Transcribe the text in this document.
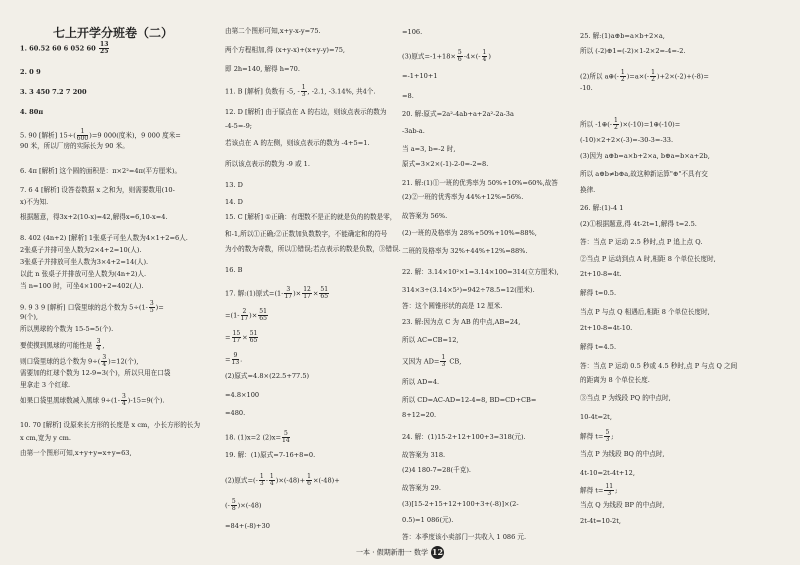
七上开学分班卷（二）
1. 60.52 60 6 052 $60 \frac{13}{25}$
2. 0 9
3. 3 450 7.2 7 200
4. 80π
5. 90 [解析] $15\div( \frac{1}{600} )=9$ 000(度米)，9 000 度米=
90 米，所以厂房的实际长为 90 米。
6. 4π [解析] 这个圆的面积是：π×2²=4π(平方厘米)。
7. 6 4 [解析] 设答卷数据 x 之和为，则需要数用(10-
x)不为知.
根据题意，得3x+2(10-x)=42,解得x=6,10-x=4.
8. 402 (4n+2) [解析] 1张桌子可坐人数为4×1+2=6人.
2张桌子并排可坐人数为2×4+2=10(人).
3张桌子并排放可坐人数为3×4+2=14(人).
以此 n 张桌子并排放可坐人数为(4n+2)人.
当 n=100 时，可坐4×100+2=402(人).
9. 9 3 9 [解析] 口袋里球的总个数为 $5\div(1- \frac{3}{5}$ )=
9(个),
所以黑球的个数为 15-5=5(个).
要使摸到黑球的可能性是 $\frac{3}{4}$ ,
则口袋里球的总个数为 $9\div( \frac{3}{4} )=12$(个),
需要加的红球个数为 12-9=3(个)，所以只用在口袋
里拿走 3 个红球.
如果口袋里黑球数减入黑球 $9\div(1- \frac{3}{4} )-15=9$(个).
10. 70 [解析] 设原来长方形的长度是 x cm，小长方形的长为
x cm,宽为 y cm.
由第一个图形可知,x+y+y=x+y=63,
由第二个图形可知,x+y-x-y=75.
两个方程相加,得 (x+y-x)+(x+y-y)=75,
即 2h=140, 解得 h=70.
11. B [解析] 负数有 -5, - $\frac{1}{3}$ , -2.1, -3.14%, 共4个.
12. D [解析] 由于原点在 A 的右边，则该点表示的数为
-4-5=-9;
若该点在 A 的左侧，则该点表示的数为 -4+5=1.
所以该点表示的数为 -9 或 1.
13. D
14. D
15. C [解析] ①正确：有理数不是正的就是负的的数是零，
和-1,所以①正确;②正数加负数数字，不能确定和的符号
为小的数为奇数，所以①错误;若点表示的数是负数，③错误.
16. B
17. 解:(1)原式$=(1- \frac{3}{17}$ )× $\frac{12}{17} \times \frac{51}{65}$
$=(1- \frac{2}{17}$ )× $\frac{51}{65}$
= $\frac{15}{17} \times \frac{51}{65}$
= $\frac{9}{13}$ .
(2)原式=4.8×(22.5+77.5)
=4.8×100
=480.
18. (1)x=2 $(2)x= \frac{5}{14}$
19. 解：(1)原式=7-16+8=0.
(2)原式=(- $\frac{1}{3} - \frac{1}{4} )\times(-48)+ \frac{1}{6} \times(-48)+$
(- $\frac{5}{8} )\times(-48)$
=84+(-8)+30
=106.
(3)原式$=-1+18\times \frac{5}{6} -4\times(- \frac{1}{4}$ )
=-1+10+1
=8.
20. 解:原式=2a²-4ab+a+2a²-2a-3a
-3ab-a.
当 a=3, b=-2 时,
原式=3×2×(-1)-2-0=-2=8.
21. 解:(1)①一班的优秀率为 50%+10%=60%,故答
(2)②一班的优秀率为 44%+12%=56%.
故答案为 56%.
(2)一班的及格率为 28%+50%+10%=88%,
二班的及格率为 32%+44%+12%=88%.
22. 解：3.14×10²×1=3.14×100=314(立方厘米),
314×3÷(3.14×5²)=942÷78.5=12(厘米).
答：这个圆锥形状的高是 12 厘米.
23. 解:因为点 C 为 AB 的中点,AB=24,
所以 AC=CB=12,
又因为 $AD= \frac{1}{3}$ CB,
所以 AD=4.
所以 CD=AC-AD=12-4=8, BD=CD+CB=
8+12=20.
24. 解：(1)15-2+12+100+3=318(元).
故答案为 318.
(2)4 180-7=28(千克).
故答案为 29.
(3)[15-2+15+12+100+3+(-8)]×(2-
0.5)=1 086(元).
答：本季度该小卖部门一共收入 1 086 元.
25. 解:(1)a⊕b=a×b+2×a,
所以 (-2)⊕1=(-2)×1-2×2=-4=-2.
(2)所以 a⊕(- $\frac{1}{2} )=a\times(- \frac{1}{2} )+2\times(-2)+(-8)=$
-10.
所以 -1⊕(- $\frac{1}{2}$ )×(-10)=1⊕(-10)=
(-10)×2+2×(-3)=-30-3=-33.
(3)因为 a⊕b=a×b+2×a, b⊕a=b×a+2b,
所以 a⊕b≠b⊕a,故这种新运算"⊕"不具有交
换律.
26. 解:(1)-4 1
(2)①根据题意,得 4t-2t=1,解得 t=2.5.
答：当点 P 运动 2.5 秒时,点 P 追上点 Q.
②当点 P 运动到点 A 时,相距 8 个单位长度时,
2t+10-8=4t.
解得 t=0.5.
当点 P 与点 Q 相遇后,相距 8 个单位长度时,
2t+10-8=4t-10.
解得 t=4.5.
答：当点 P 运动 0.5 秒或 4.5 秒时,点 P 与点 Q 之间
的距离为 8 个单位长度.
③当点 P 为线段 PQ 的中点时,
10-4t=2t,
解得 $t= \frac{5}{3}$ ;
当点 P 为线段 BQ 的中点时,
4t-10=2t-4t+12,
解得 $t= \frac{11}{3}$ ;
当点 Q 为线段 BP 的中点时,
2t-4t=10-2t,
一本 · 假期新册一 数学 12
